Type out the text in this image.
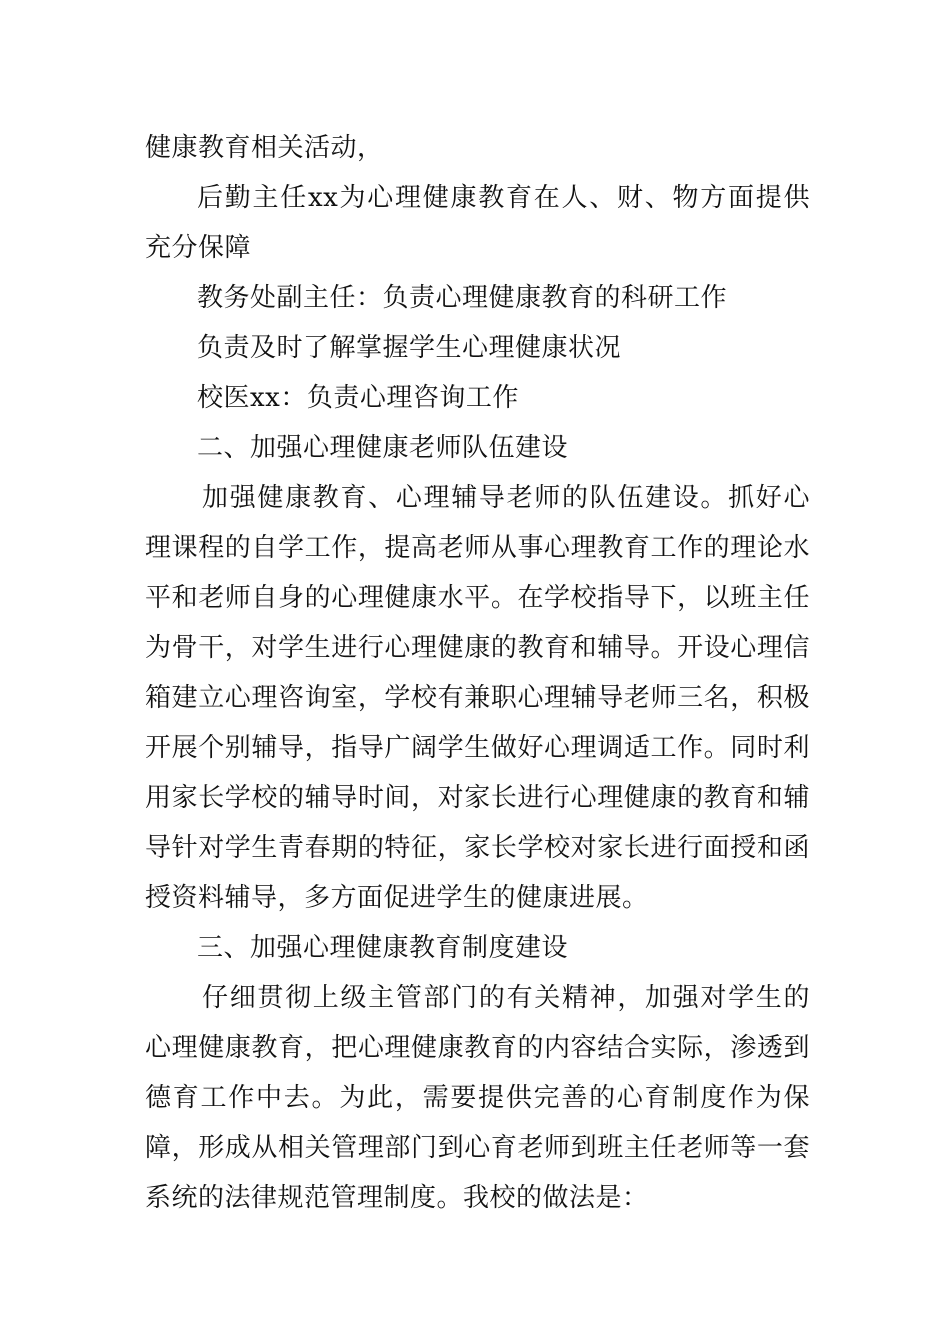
健康教育相关活动，

后勤主任xx为心理健康教育在人、财、物方面提供充分保障

教务处副主任：负责心理健康教育的科研工作

负责及时了解掌握学生心理健康状况

校医xx：负责心理咨询工作

二、加强心理健康老师队伍建设

加强健康教育、心理辅导老师的队伍建设。抓好心理课程的自学工作，提高老师从事心理教育工作的理论水平和老师自身的心理健康水平。在学校指导下，以班主任为骨干，对学生进行心理健康的教育和辅导。开设心理信箱建立心理咨询室，学校有兼职心理辅导老师三名，积极开展个别辅导，指导广阔学生做好心理调适工作。同时利用家长学校的辅导时间，对家长进行心理健康的教育和辅导针对学生青春期的特征，家长学校对家长进行面授和函授资料辅导，多方面促进学生的健康进展。

三、加强心理健康教育制度建设

仔细贯彻上级主管部门的有关精神，加强对学生的心理健康教育，把心理健康教育的内容结合实际，渗透到德育工作中去。为此，需要提供完善的心育制度作为保障，形成从相关管理部门到心育老师到班主任老师等一套系统的法律规范管理制度。我校的做法是：
